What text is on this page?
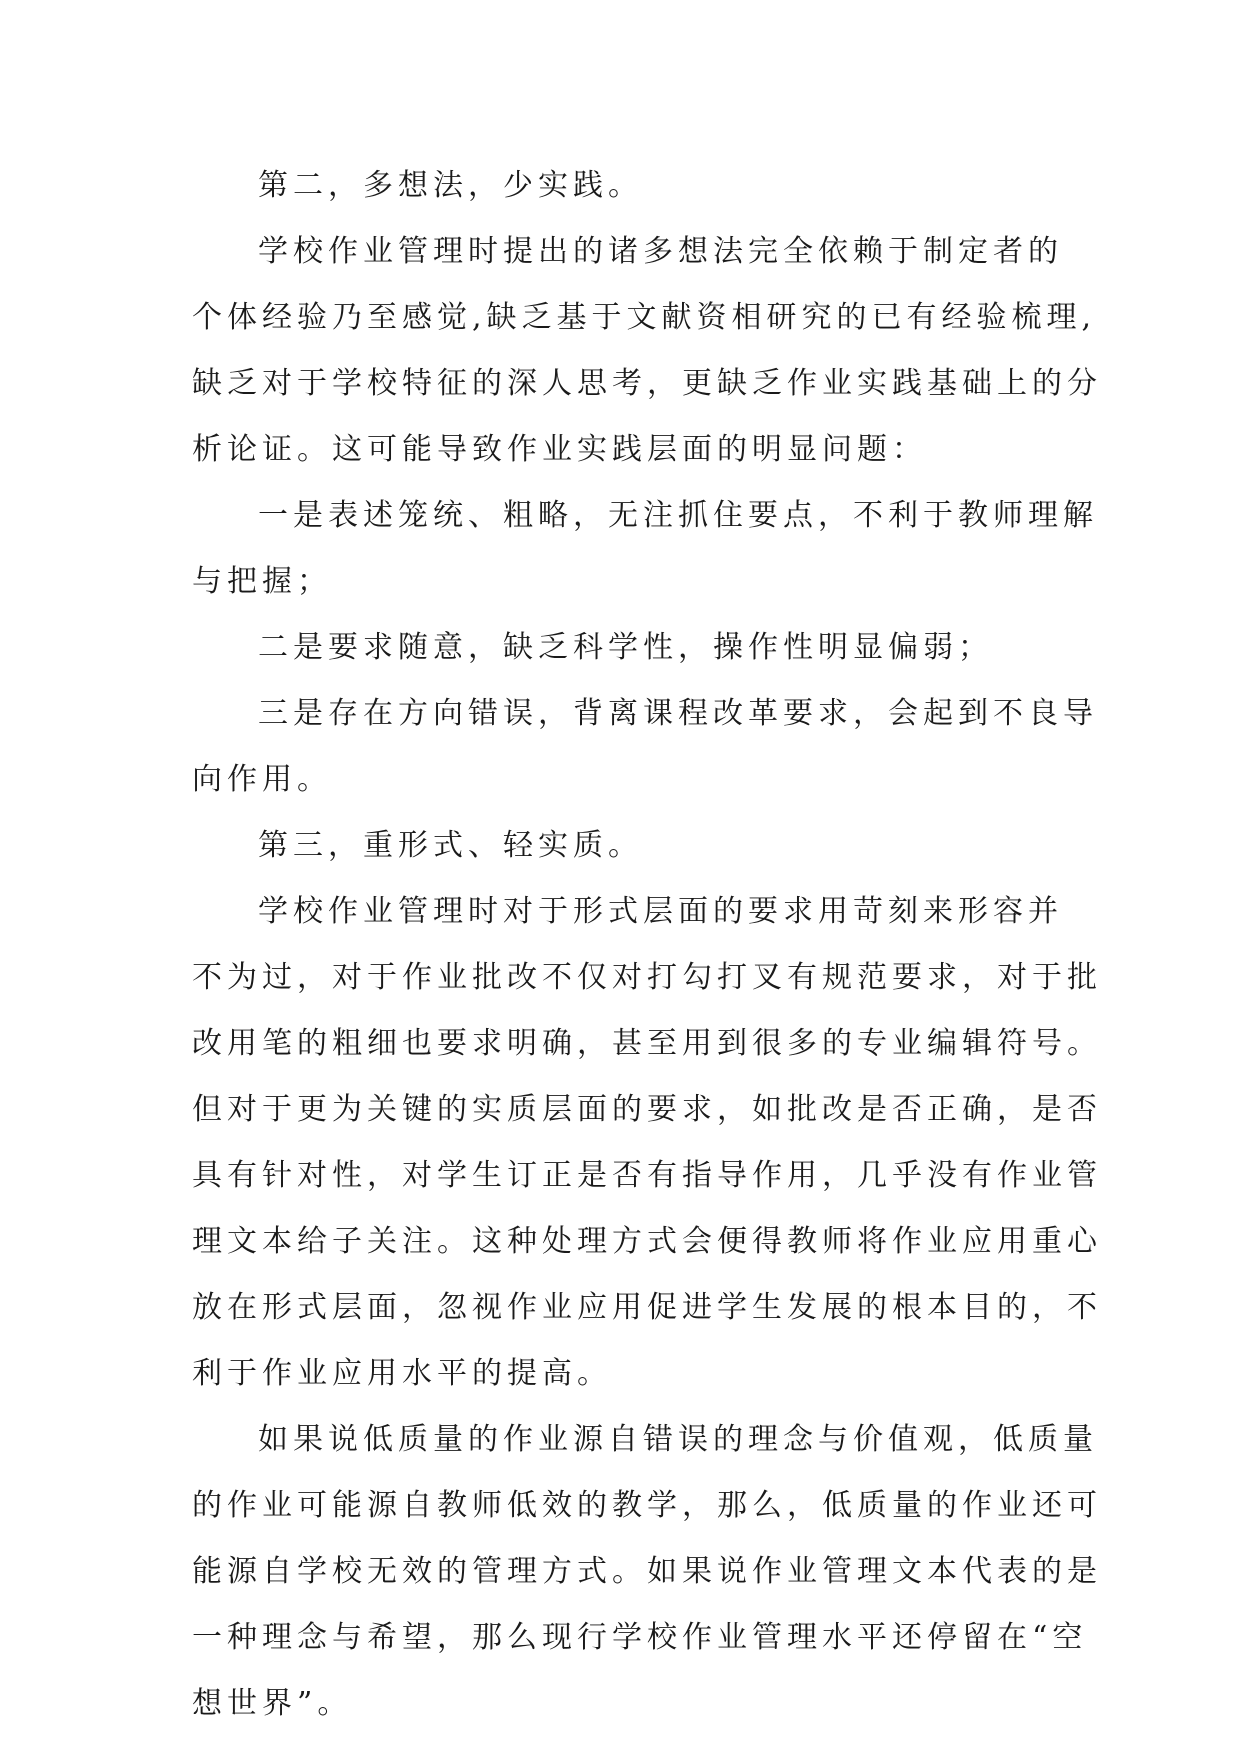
第二，多想法，少实践。
学校作业管理时提出的诸多想法完全依赖于制定者的
个体经验乃至感觉,缺乏基于文献资相研究的已有经验梳理,
缺乏对于学校特征的深人思考，更缺乏作业实践基础上的分
析论证。这可能导致作业实践层面的明显问题：
一是表述笼统、粗略，无注抓住要点，不利于教师理解
与把握；
二是要求随意，缺乏科学性，操作性明显偏弱；
三是存在方向错误，背离课程改革要求，会起到不良导
向作用。
第三，重形式、轻实质。
学校作业管理时对于形式层面的要求用苛刻来形容并
不为过，对于作业批改不仅对打勾打叉有规范要求，对于批
改用笔的粗细也要求明确，甚至用到很多的专业编辑符号。
但对于更为关键的实质层面的要求，如批改是否正确，是否
具有针对性，对学生订正是否有指导作用，几乎没有作业管
理文本给子关注。这种处理方式会便得教师将作业应用重心
放在形式层面，忽视作业应用促进学生发展的根本目的，不
利于作业应用水平的提高。
如果说低质量的作业源自错误的理念与价值观，低质量
的作业可能源自教师低效的教学，那么，低质量的作业还可
能源自学校无效的管理方式。如果说作业管理文本代表的是
一种理念与希望，那么现行学校作业管理水平还停留在“空
想世界”。
